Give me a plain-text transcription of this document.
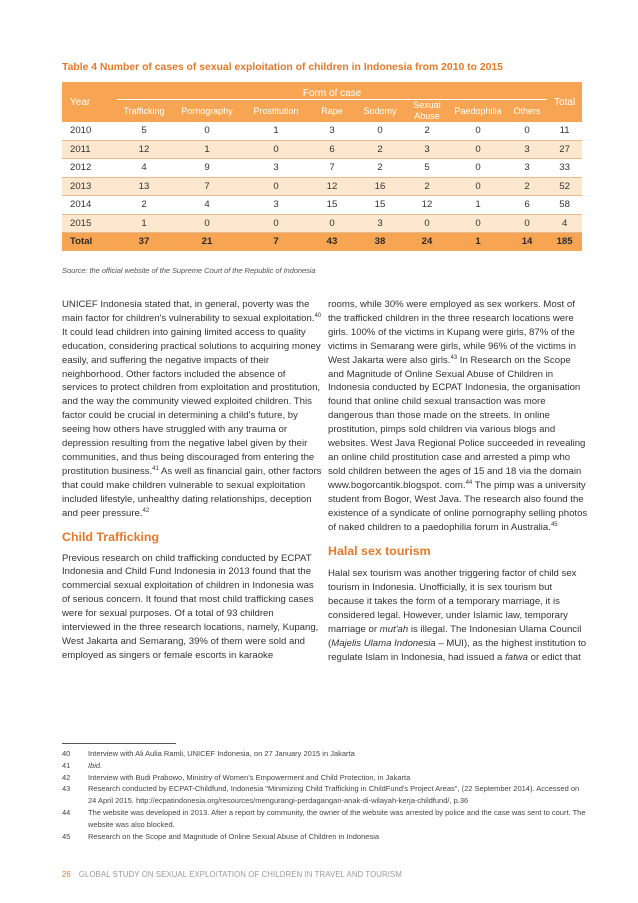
Table 4 Number of cases of sexual exploitation of children in Indonesia from 2010 to 2015
Year	Form of case								Total
	Trafficking	Pornography	Prostitution	Rape	Sodomy	Sexual Abuse	Paedophilia	Others	
2010	5	0	1	3	0	2	0	0	11
2011	12	1	0	6	2	3	0	3	27
2012	4	9	3	7	2	5	0	3	33
2013	13	7	0	12	16	2	0	2	52
2014	2	4	3	15	15	12	1	6	58
2015	1	0	0	0	3	0	0	0	4
Total	37	21	7	43	38	24	1	14	185
Source: the official website of the Supreme Court of the Republic of Indonesia

UNICEF Indonesia stated that, in general, poverty was the main factor for children's vulnerability to sexual exploitation.$^{40}$ It could lead children into gaining limited access to quality education, considering practical solutions to acquiring money easily, and suffering the negative impacts of their neighborhood. Other factors included the absence of services to protect children from exploitation and prostitution, and the way the community viewed exploited children. This factor could be crucial in determining a child's future, by seeing how others have struggled with any trauma or depression resulting from the negative label given by their communities, and thus being discouraged from entering the prostitution business.$^{41}$ As well as financial gain, other factors that could make children vulnerable to sexual exploitation included lifestyle, unhealthy dating relationships, deception and peer pressure.$^{42}$

Child Trafficking

Previous research on child trafficking conducted by ECPAT Indonesia and Child Fund Indonesia in 2013 found that the commercial sexual exploitation of children in Indonesia was of serious concern. It found that most child trafficking cases were for sexual purposes. Of a total of 93 children interviewed in the three research locations, namely, Kupang, West Jakarta and Semarang, 39% of them were sold and employed as singers or female escorts in karaoke

rooms, while 30% were employed as sex workers. Most of the trafficked children in the three research locations were girls. 100% of the victims in Kupang were girls, 87% of the victims in Semarang were girls, while 96% of the victims in West Jakarta were also girls.$^{43}$ In Research on the Scope and Magnitude of Online Sexual Abuse of Children in Indonesia conducted by ECPAT Indonesia, the organisation found that online child sexual transaction was more dangerous than those made on the streets. In online prostitution, pimps sold children via various blogs and websites. West Java Regional Police succeeded in revealing an online child prostitution case and arrested a pimp who sold children between the ages of 15 and 18 via the domain www.bogorcantik.blogspot. com.$^{44}$ The pimp was a university student from Bogor, West Java. The research also found the existence of a syndicate of online pornography selling photos of naked children to a paedophilia forum in Australia.$^{45}$

Halal sex tourism

Halal sex tourism was another triggering factor of child sex tourism in Indonesia. Unofficially, it is sex tourism but because it takes the form of a temporary marriage, it is considered legal. However, under Islamic law, temporary marriage or mut'ah is illegal. The Indonesian Ulama Council (Majelis Ulama Indonesia – MUI), as the highest institution to regulate Islam in Indonesia, had issued a fatwa or edict that

40	Interview with Ali Aulia Ramli, UNICEF Indonesia, on 27 January 2015 in Jakarta
41	Ibid.
42	Interview with Budi Prabowo, Ministry of Women's Empowerment and Child Protection, in Jakarta
43	Research conducted by ECPAT-Childfund, Indonesia "Minimizing Child Trafficking in ChildFund's Project Areas", (22 September 2014). Accessed on 24 April 2015. http://ecpatindonesia.org/resources/mengurangi-perdagangan-anak-di-wilayah-kerja-childfund/, p.36
44	The website was developed in 2013. After a report by community, the owner of the website was arrested by police and the case was sent to court. The website was also blocked.
45	Research on the Scope and Magnitude of Online Sexual Abuse of Children in Indonesia
26 GLOBAL STUDY ON SEXUAL EXPLOITATION OF CHILDREN IN TRAVEL AND TOURISM
